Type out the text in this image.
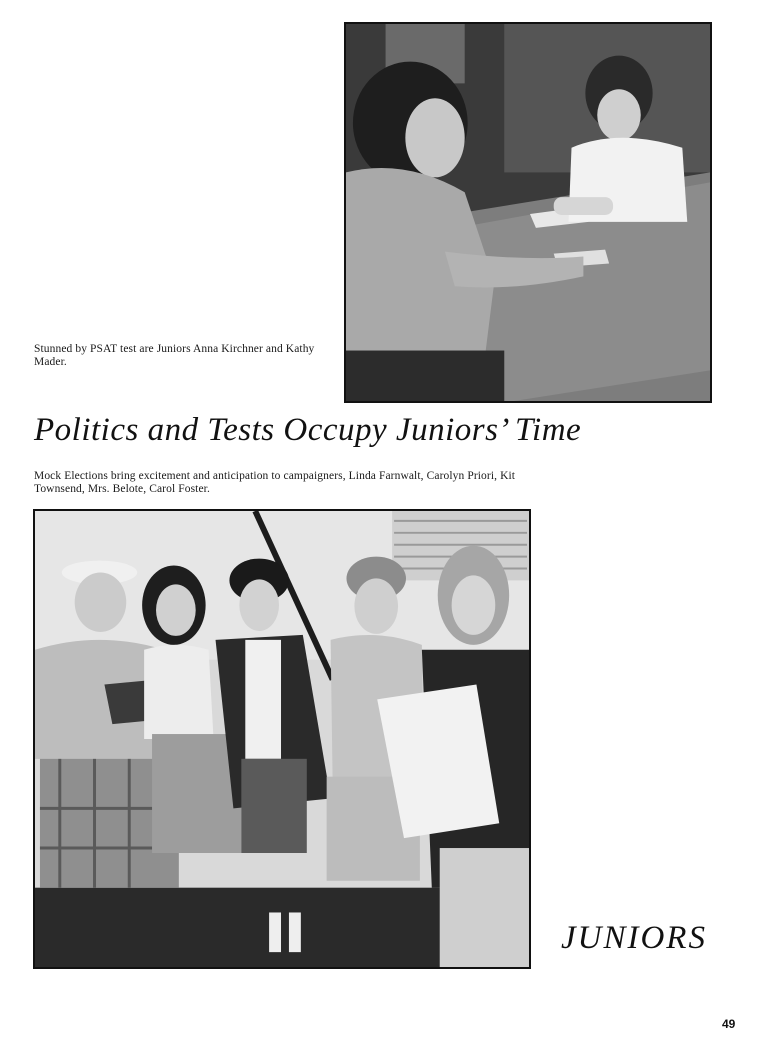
Stunned by PSAT test are Juniors Anna Kirchner and Kathy Mader.

Politics and Tests Occupy Juniors’ Time

Mock Elections bring excitement and anticipation to campaigners, Linda Farnwalt, Carolyn Priori, Kit Townsend, Mrs. Belote, Carol Foster.

JUNIORS
49
